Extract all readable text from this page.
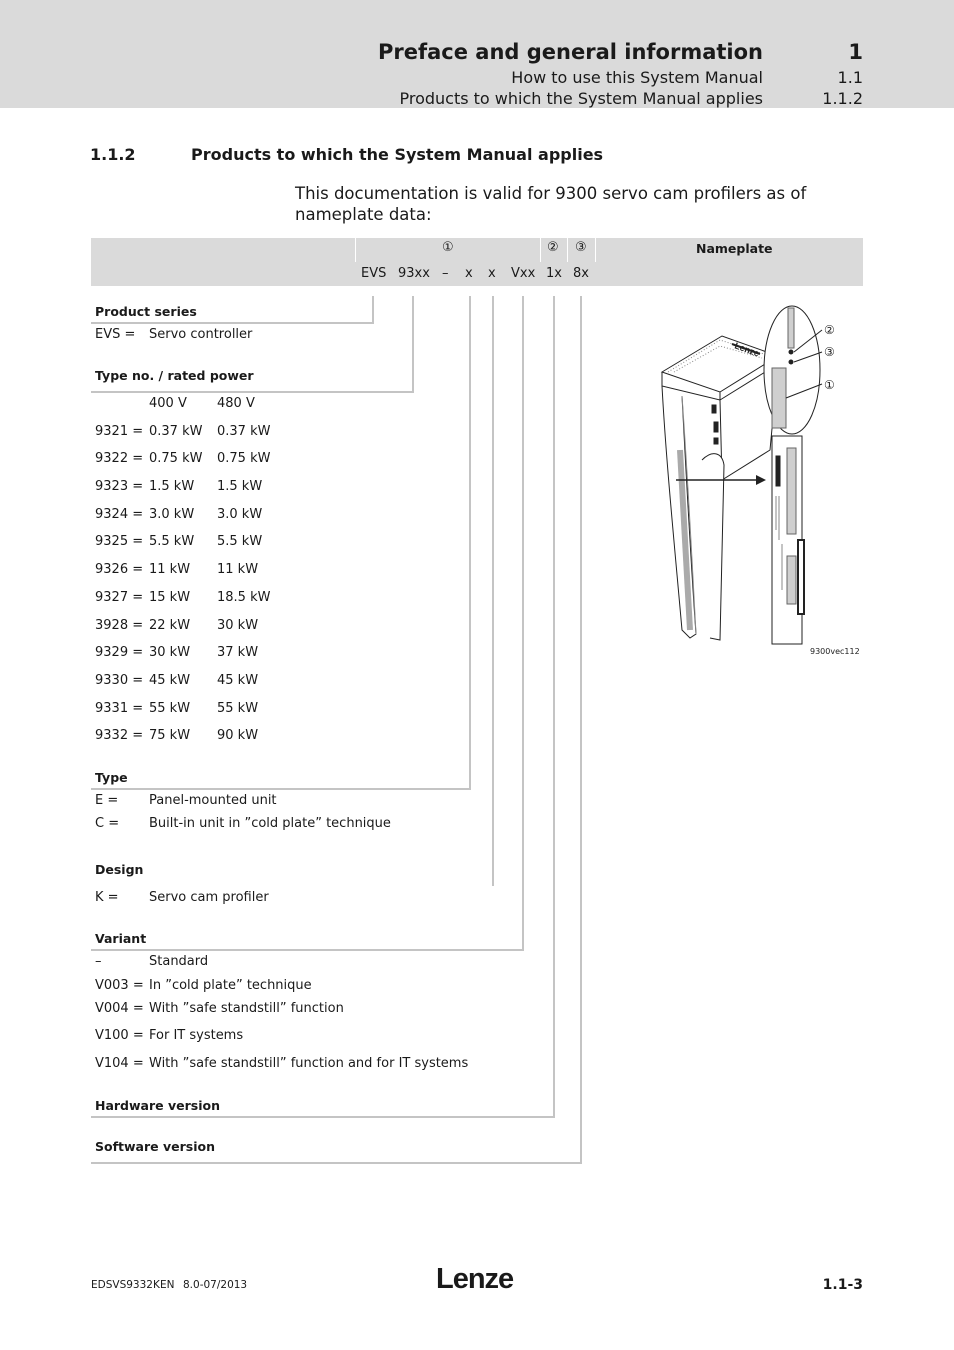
Preface and general information	1
How to use this System Manual	1.1
Products to which the System Manual applies	1.1.2
1.1.2	Products to which the System Manual applies
This documentation is valid for 9300 servo cam profilers as of nameplate data:
①	② ③	Nameplate
EVS 93xx – x x Vxx 1x 8x
Product series
EVS = Servo controller
Type no. / rated power
400 V 480 V
9321 = 0.37 kW 0.37 kW
9322 = 0.75 kW 0.75 kW
9323 = 1.5 kW 1.5 kW
9324 = 3.0 kW 3.0 kW
9325 = 5.5 kW 5.5 kW
9326 = 11 kW 11 kW
9327 = 15 kW 18.5 kW
3928 = 22 kW 30 kW
9329 = 30 kW 37 kW
9330 = 45 kW 45 kW
9331 = 55 kW 55 kW
9332 = 75 kW 90 kW
Type
E = Panel-mounted unit
C = Built-in unit in ”cold plate” technique
Design
K = Servo cam profiler
Variant
–	Standard
V003 = In ”cold plate” technique
V004 = With ”safe standstill” function
V100 = For IT systems
V104 = With ”safe standstill” function and for IT systems
Hardware version
Software version
Lenze
②
③
①
9300vec112
EDSVS9332K EN 8.0-07/2013	Lenze	1.1-3
